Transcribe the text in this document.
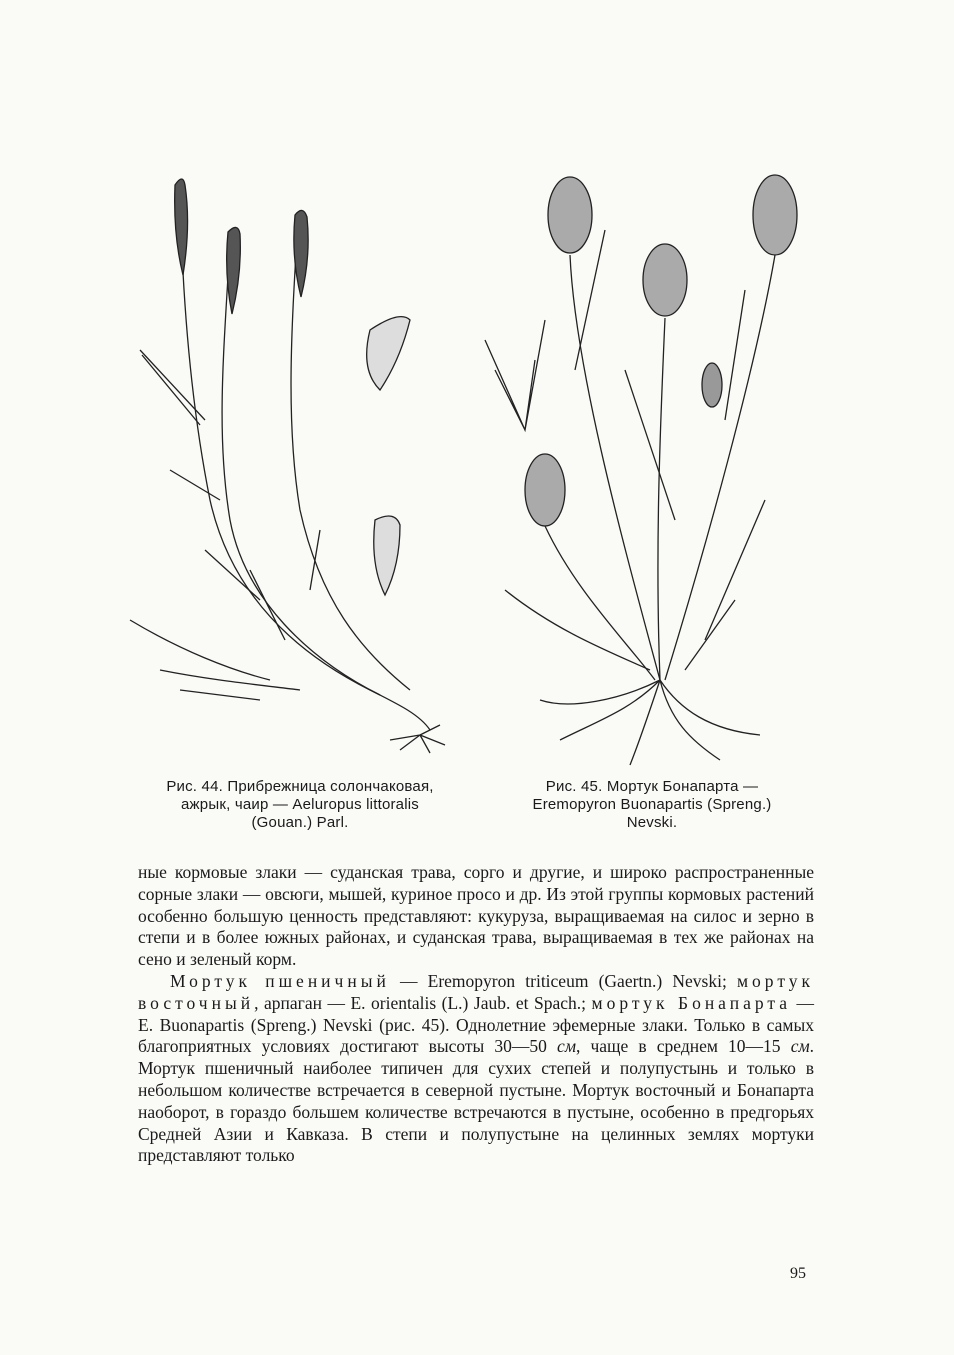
Рис. 44. Прибрежница солончаковая,
ажрык, чаир — Aeluropus littoralis
(Gouan.) Parl.
Рис. 45. Мортук Бонапарта —
Eremopyron Buonapartis (Spreng.)
Nevski.

ные кормовые злаки — суданская трава, сорго и другие, и широко распространенные сорные злаки — овсюги, мышей, куриное просо и др. Из этой группы кормовых растений особенно большую ценность представляют: кукуруза, выращиваемая на силос и зерно в степи и в более южных районах, и суданская трава, выращиваемая в тех же районах на сено и зеленый корм.

Мортук пшеничный — Eremopyron triticeum (Gaertn.) Nevski; мортук восточный, арпаган — E. orientalis (L.) Jaub. et Spach.; мортук Бонапарта — E. Buonapartis (Spreng.) Nevski (рис. 45). Однолетние эфемерные злаки. Только в самых благоприятных условиях достигают высоты 30—50 см, чаще в среднем 10—15 см. Мортук пшеничный наиболее типичен для сухих степей и полупустынь и только в небольшом количестве встречается в северной пустыне. Мортук восточный и Бонапарта наоборот, в гораздо большем количестве встречаются в пустыне, особенно в предгорьях Средней Азии и Кавказа. В степи и полупустыне на целинных землях мортуки представляют только

95
